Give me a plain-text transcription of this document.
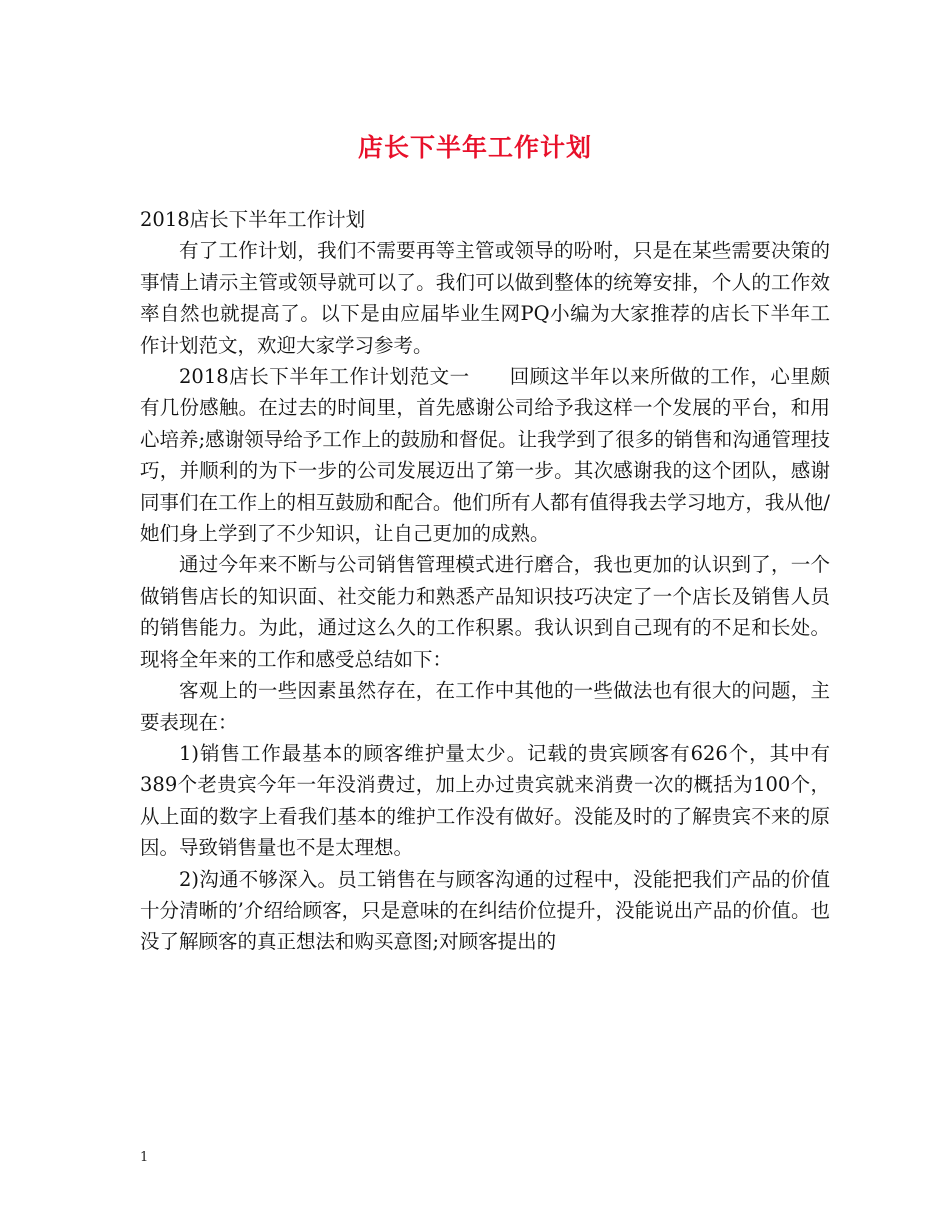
店长下半年工作计划

2018店长下半年工作计划

有了工作计划，我们不需要再等主管或领导的吩咐，只是在某些需要决策的事情上请示主管或领导就可以了。我们可以做到整体的统筹安排，个人的工作效率自然也就提高了。以下是由应届毕业生网PQ小编为大家推荐的店长下半年工作计划范文，欢迎大家学习参考。

2018店长下半年工作计划范文一　　回顾这半年以来所做的工作，心里颇有几份感触。在过去的时间里，首先感谢公司给予我这样一个发展的平台，和用心培养;感谢领导给予工作上的鼓励和督促。让我学到了很多的销售和沟通管理技巧，并顺利的为下一步的公司发展迈出了第一步。其次感谢我的这个团队，感谢同事们在工作上的相互鼓励和配合。他们所有人都有值得我去学习地方，我从他/她们身上学到了不少知识，让自己更加的成熟。

通过今年来不断与公司销售管理模式进行磨合，我也更加的认识到了，一个做销售店长的知识面、社交能力和熟悉产品知识技巧决定了一个店长及销售人员的销售能力。为此，通过这么久的工作积累。我认识到自己现有的不足和长处。现将全年来的工作和感受总结如下：

客观上的一些因素虽然存在，在工作中其他的一些做法也有很大的问题，主要表现在：

1)销售工作最基本的顾客维护量太少。记载的贵宾顾客有626个，其中有389个老贵宾今年一年没消费过，加上办过贵宾就来消费一次的概括为100个，从上面的数字上看我们基本的维护工作没有做好。没能及时的了解贵宾不来的原因。导致销售量也不是太理想。

2)沟通不够深入。员工销售在与顾客沟通的过程中，没能把我们产品的价值十分清晰的’介绍给顾客，只是意味的在纠结价位提升，没能说出产品的价值。也没了解顾客的真正想法和购买意图;对顾客提出的

1
